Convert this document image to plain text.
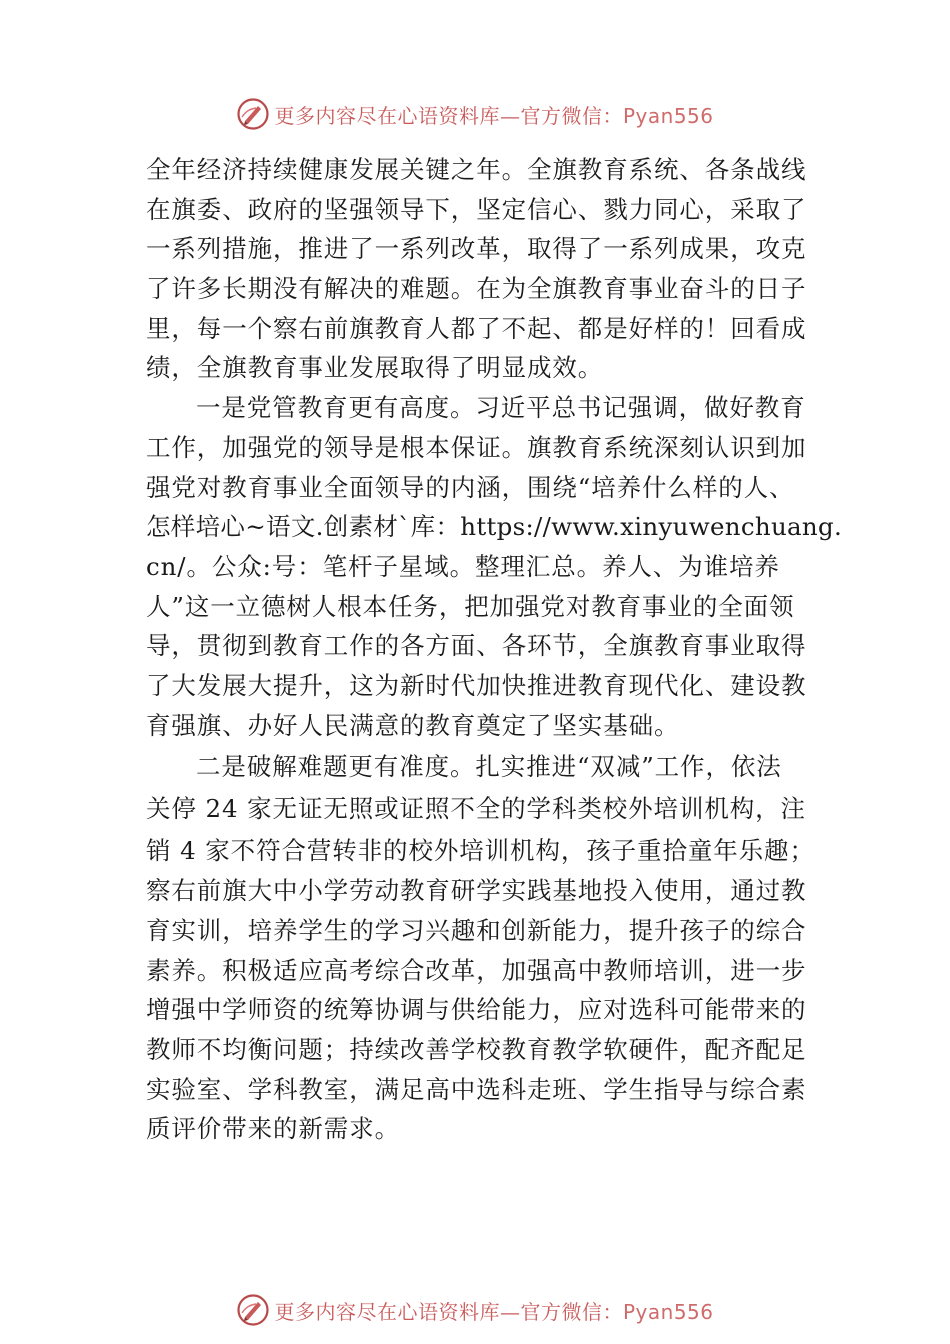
更多内容尽在心语资料库—官方微信：Pyan556
全年经济持续健康发展关键之年。全旗教育系统、各条战线
在旗委、政府的坚强领导下，坚定信心、戮力同心，采取了
一系列措施，推进了一系列改革，取得了一系列成果，攻克
了许多长期没有解决的难题。在为全旗教育事业奋斗的日子
里，每一个察右前旗教育人都了不起、都是好样的！回看成
绩，全旗教育事业发展取得了明显成效。
一是党管教育更有高度。习近平总书记强调，做好教育
工作，加强党的领导是根本保证。旗教育系统深刻认识到加
强党对教育事业全面领导的内涵，围绕“培养什么样的人、
怎样培心~语文.创素材`库：https://www.xinyuwenchuang.
cn/。公众:号：笔杆子星域。整理汇总。养人、为谁培养
人”这一立德树人根本任务，把加强党对教育事业的全面领
导，贯彻到教育工作的各方面、各环节，全旗教育事业取得
了大发展大提升，这为新时代加快推进教育现代化、建设教
育强旗、办好人民满意的教育奠定了坚实基础。
二是破解难题更有准度。扎实推进“双减”工作，依法
关停 24 家无证无照或证照不全的学科类校外培训机构，注
销 4 家不符合营转非的校外培训机构，孩子重拾童年乐趣；
察右前旗大中小学劳动教育研学实践基地投入使用，通过教
育实训，培养学生的学习兴趣和创新能力，提升孩子的综合
素养。积极适应高考综合改革，加强高中教师培训，进一步
增强中学师资的统筹协调与供给能力，应对选科可能带来的
教师不均衡问题；持续改善学校教育教学软硬件，配齐配足
实验室、学科教室，满足高中选科走班、学生指导与综合素
质评价带来的新需求。
更多内容尽在心语资料库—官方微信：Pyan556
